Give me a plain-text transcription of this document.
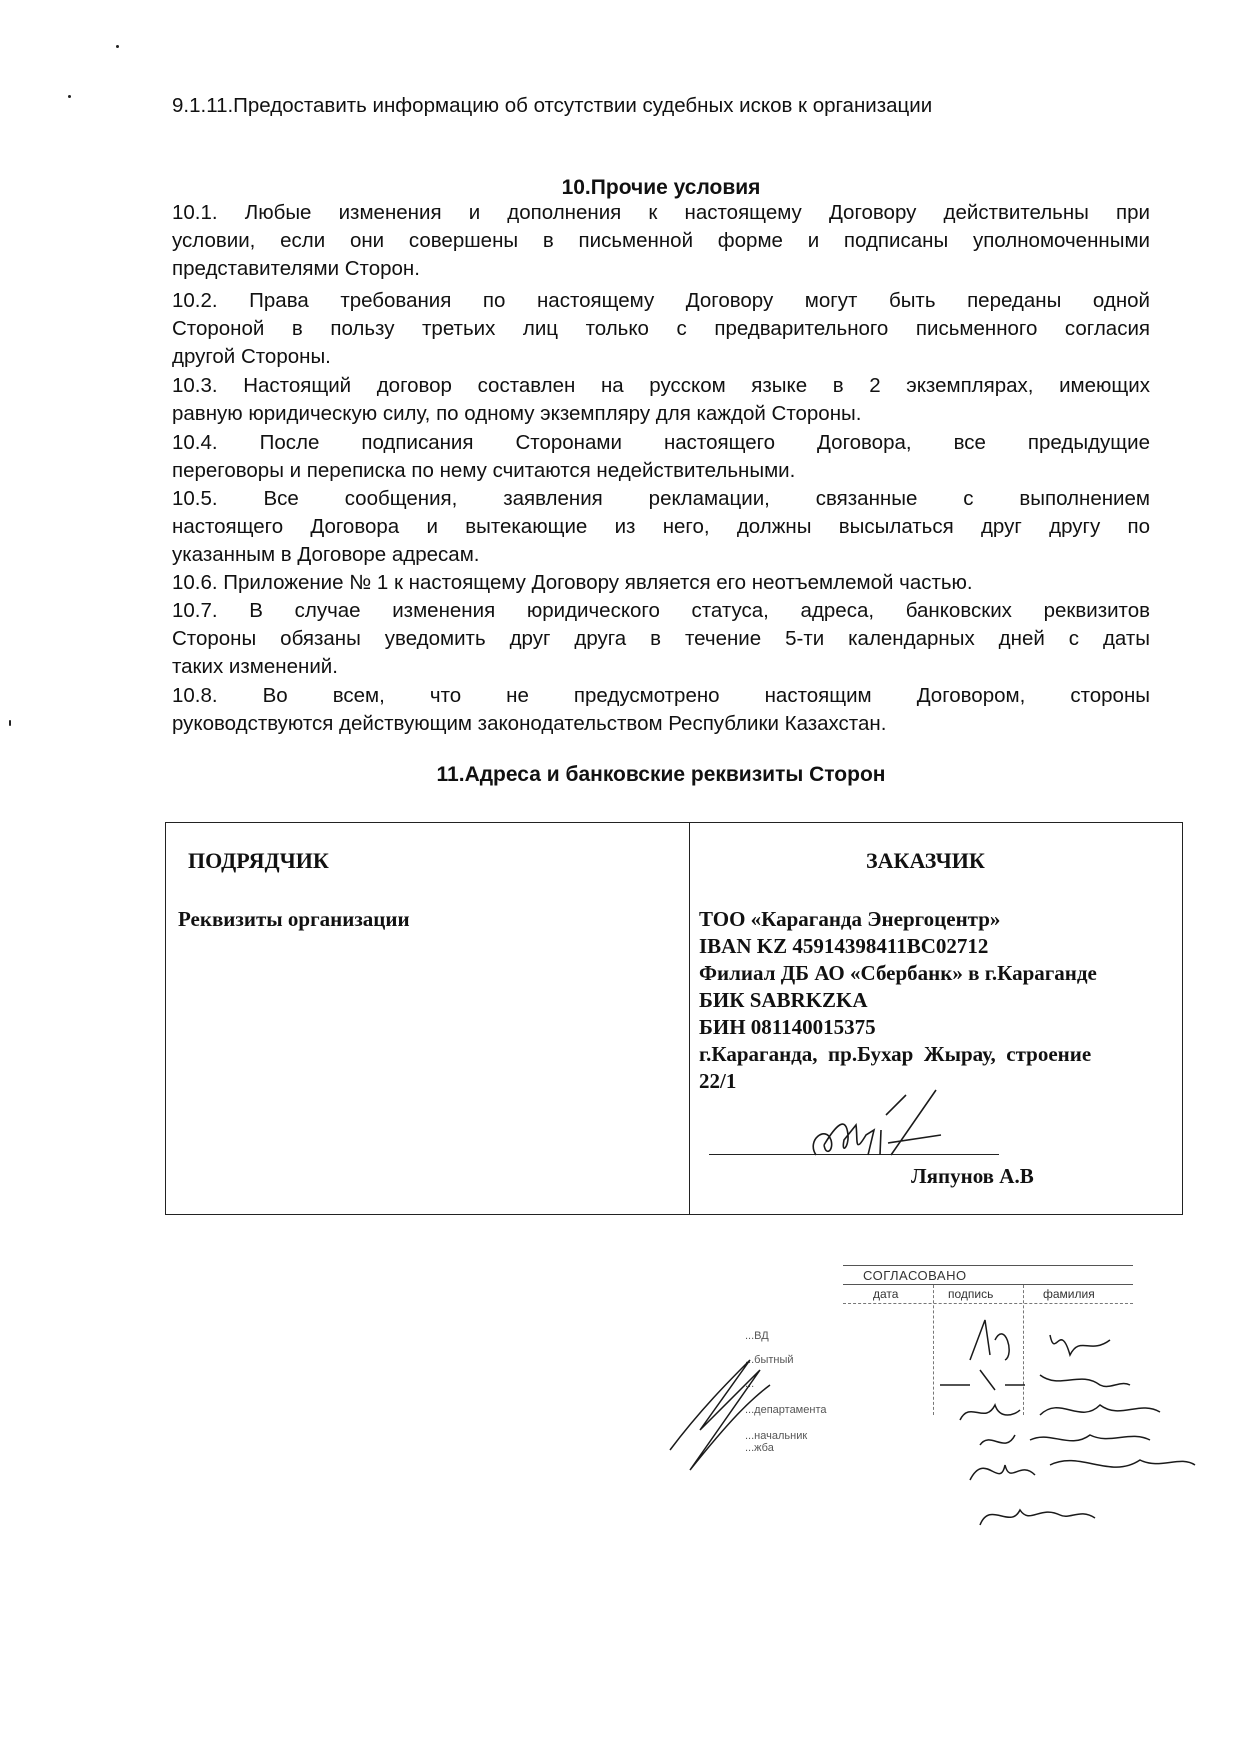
9.1.11.Предоставить информацию об отсутствии судебных исков к организации
10.Прочие условия
10.1. Любые изменения и дополнения к настоящему Договору действительны при
условии, если они совершены в письменной форме и подписаны уполномоченными
представителями Сторон.
10.2. Права требования по настоящему Договору могут быть переданы одной
Стороной в пользу третьих лиц только с предварительного письменного согласия
другой Стороны.
10.3. Настоящий договор составлен на русском языке в 2 экземплярах, имеющих
равную юридическую силу, по одному экземпляру для каждой Стороны.
10.4. После подписания Сторонами настоящего Договора, все предыдущие
переговоры и переписка по нему считаются недействительными.
10.5. Все сообщения, заявления рекламации, связанные с выполнением
настоящего Договора и вытекающие из него, должны высылаться друг другу по
указанным в Договоре адресам.
10.6. Приложение № 1 к настоящему Договору является его неотъемлемой частью.
10.7. В случае изменения юридического статуса, адреса, банковских реквизитов
Стороны обязаны уведомить друг друга в течение 5-ти календарных дней с даты
таких изменений.
10.8. Во всем, что не предусмотрено настоящим Договором, стороны
руководствуются действующим законодательством Республики Казахстан.
11.Адреса и банковские реквизиты Сторон
ПОДРЯДЧИК
Реквизиты организации
ЗАКАЗЧИК
ТОО «Караганда Энергоцентр»
IBAN KZ 45914398411BC02712
Филиал ДБ АО «Сбербанк» в г.Караганде
БИК SABRKZKA
БИН 081140015375
г.Караганда,  пр.Бухар  Жырау,  строение
22/1
Ляпунов А.В
СОГЛАСОВАНО
дата	подпись	фамилия
...ВД
...бытный
...
...департамента
...начальник ...жба
